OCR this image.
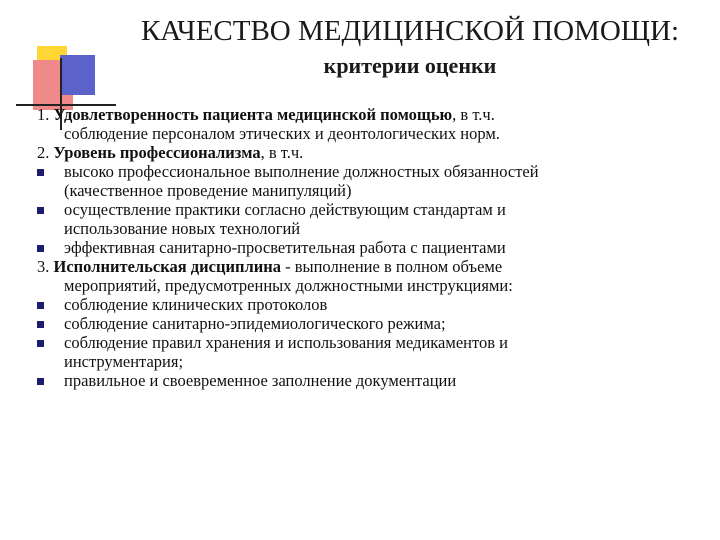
КАЧЕСТВО МЕДИЦИНСКОЙ ПОМОЩИ:
критерии оценки
1. Удовлетворенность пациента медицинской помощью, в т.ч.
соблюдение персоналом этических и деонтологических норм.
2. Уровень профессионализма, в т.ч.
высоко профессиональное выполнение должностных обязанностей
(качественное проведение манипуляций)
осуществление практики согласно действующим стандартам и
использование новых технологий
эффективная санитарно-просветительная работа с пациентами
3. Исполнительская дисциплина - выполнение в полном объеме
мероприятий, предусмотренных должностными инструкциями:
соблюдение клинических протоколов
соблюдение санитарно-эпидемиологического режима;
соблюдение правил хранения и использования медикаментов и
инструментария;
правильное и своевременное заполнение документации
